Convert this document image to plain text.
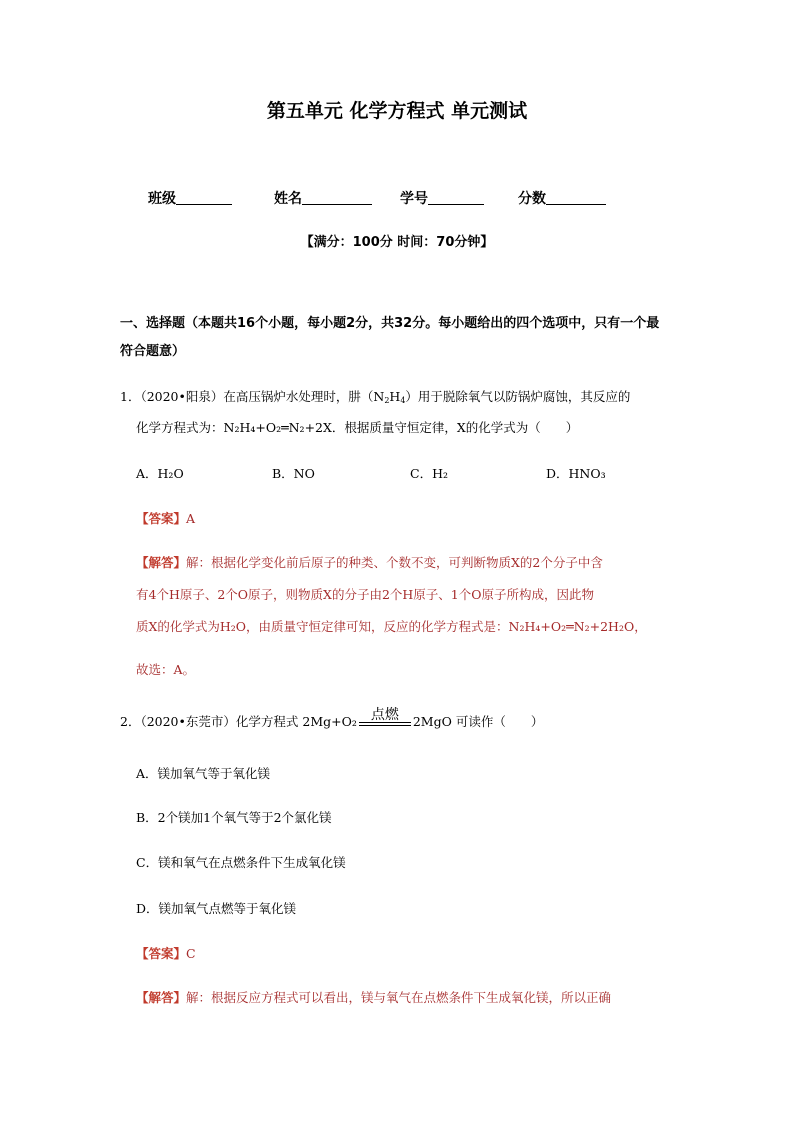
第五单元 化学方程式 单元测试
班级	姓名	学号	分数
【满分：100分 时间：70分钟】
一、选择题（本题共16个小题，每小题2分，共32分。每小题给出的四个选项中，只有一个最
符合题意）
1．（2020•阳泉）在高压锅炉水处理时，肼$(N_2H_4)$用于脱除氧气以防锅炉腐蚀，其反应的
化学方程式为：N₂H₄+O₂═N₂+2X．根据质量守恒定律，X的化学式为（　　）
A．H₂O	B．NO	C．H₂	D．HNO₃
【答案】A
【解答】解：根据化学变化前后原子的种类、个数不变，可判断物质X的2个分子中含
有4个H原子、2个O原子，则物质X的分子由2个H原子、1个O原子所构成，因此物
质X的化学式为H₂O，由质量守恒定律可知，反应的化学方程式是：N₂H₄+O₂═N₂+2H₂O，
故选：A。
2．（2020•东莞市）化学方程式 2Mg+O₂	点燃	2MgO 可读作（　　）
A．镁加氧气等于氧化镁
B．2个镁加1个氧气等于2个氯化镁
C．镁和氧气在点燃条件下生成氧化镁
D．镁加氧气点燃等于氧化镁
【答案】C
【解答】解：根据反应方程式可以看出，镁与氧气在点燃条件下生成氧化镁，所以正确
